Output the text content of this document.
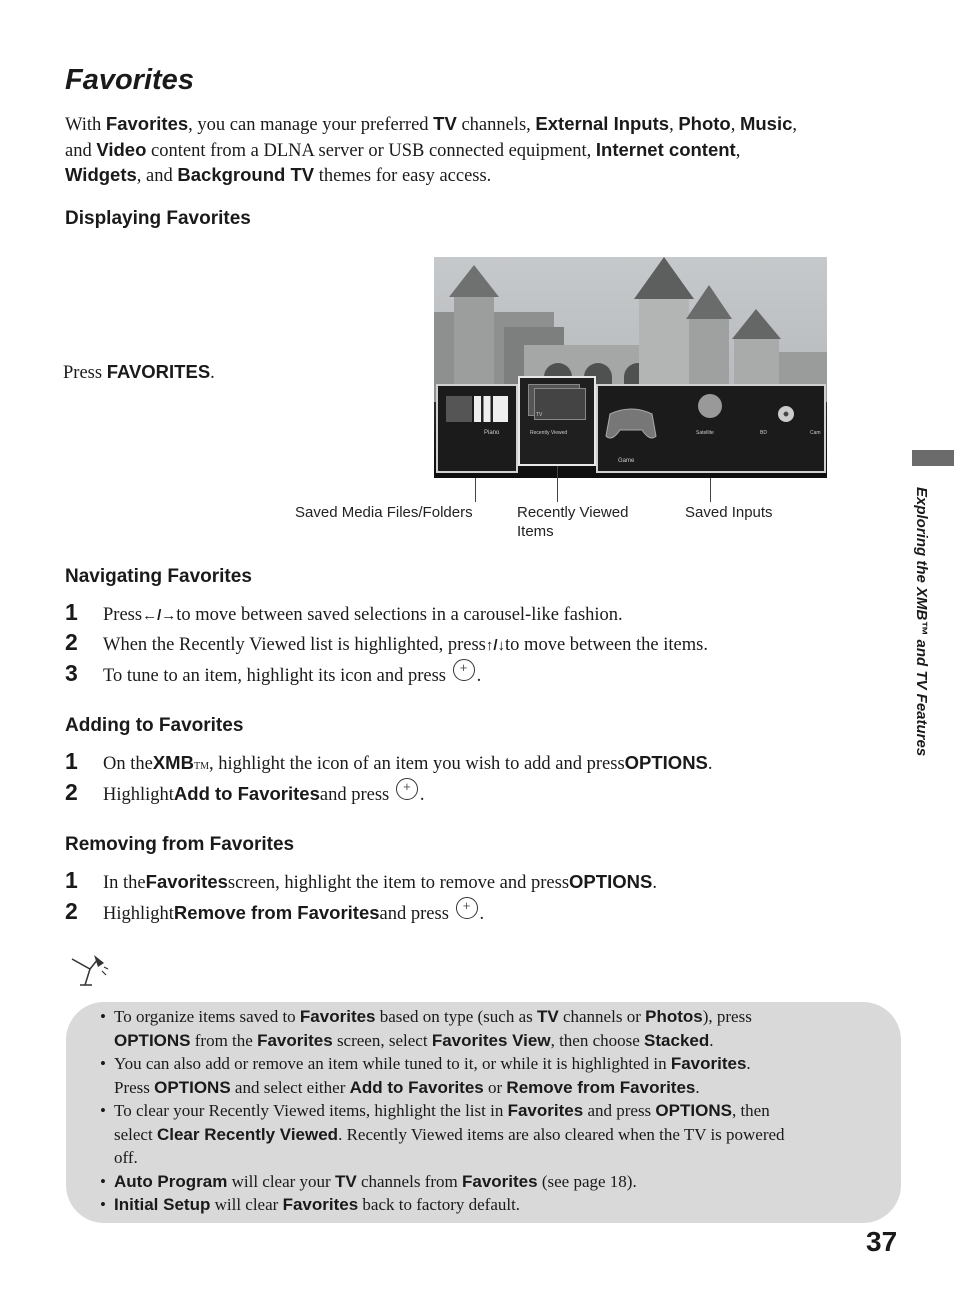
Favorites
With Favorites, you can manage your preferred TV channels, External Inputs, Photo, Music,
and Video content from a DLNA server or USB connected equipment, Internet content,
Widgets, and Background TV themes for easy access.
Displaying Favorites
Press FAVORITES.
Piano
TV
Recently Viewed	Satellite	BD	Cam
Game
Saved Media Files/Folders	Recently Viewed
Items
Saved Inputs
Navigating Favorites
1	Press ←/→ to move between saved selections in a carousel-like fashion.
2	When the Recently Viewed list is highlighted, press ↑/↓ to move between the items.
3	To tune to an item, highlight its icon and press
+ .
Adding to Favorites
1	On the XMB TM , highlight the icon of an item you wish to add and press OPTIONS .
2	Highlight Add to Favorites and press
+ .
Removing from Favorites
1	In the Favorites screen, highlight the item to remove and press OPTIONS .
2	Highlight Remove from Favorites and press
+ .
• To organize items saved to Favorites based on type (such as TV channels or Photos), press
OPTIONS from the Favorites screen, select Favorites View, then choose Stacked.
• You can also add or remove an item while tuned to it, or while it is highlighted in Favorites.
Press OPTIONS and select either Add to Favorites or Remove from Favorites.
• To clear your Recently Viewed items, highlight the list in Favorites and press OPTIONS, then
select Clear Recently Viewed. Recently Viewed items are also cleared when the TV is powered
off.
• Auto Program will clear your TV channels from Favorites (see page 18).
• Initial Setup will clear Favorites back to factory default.
Exploring the XMB™ and TV Features
37
